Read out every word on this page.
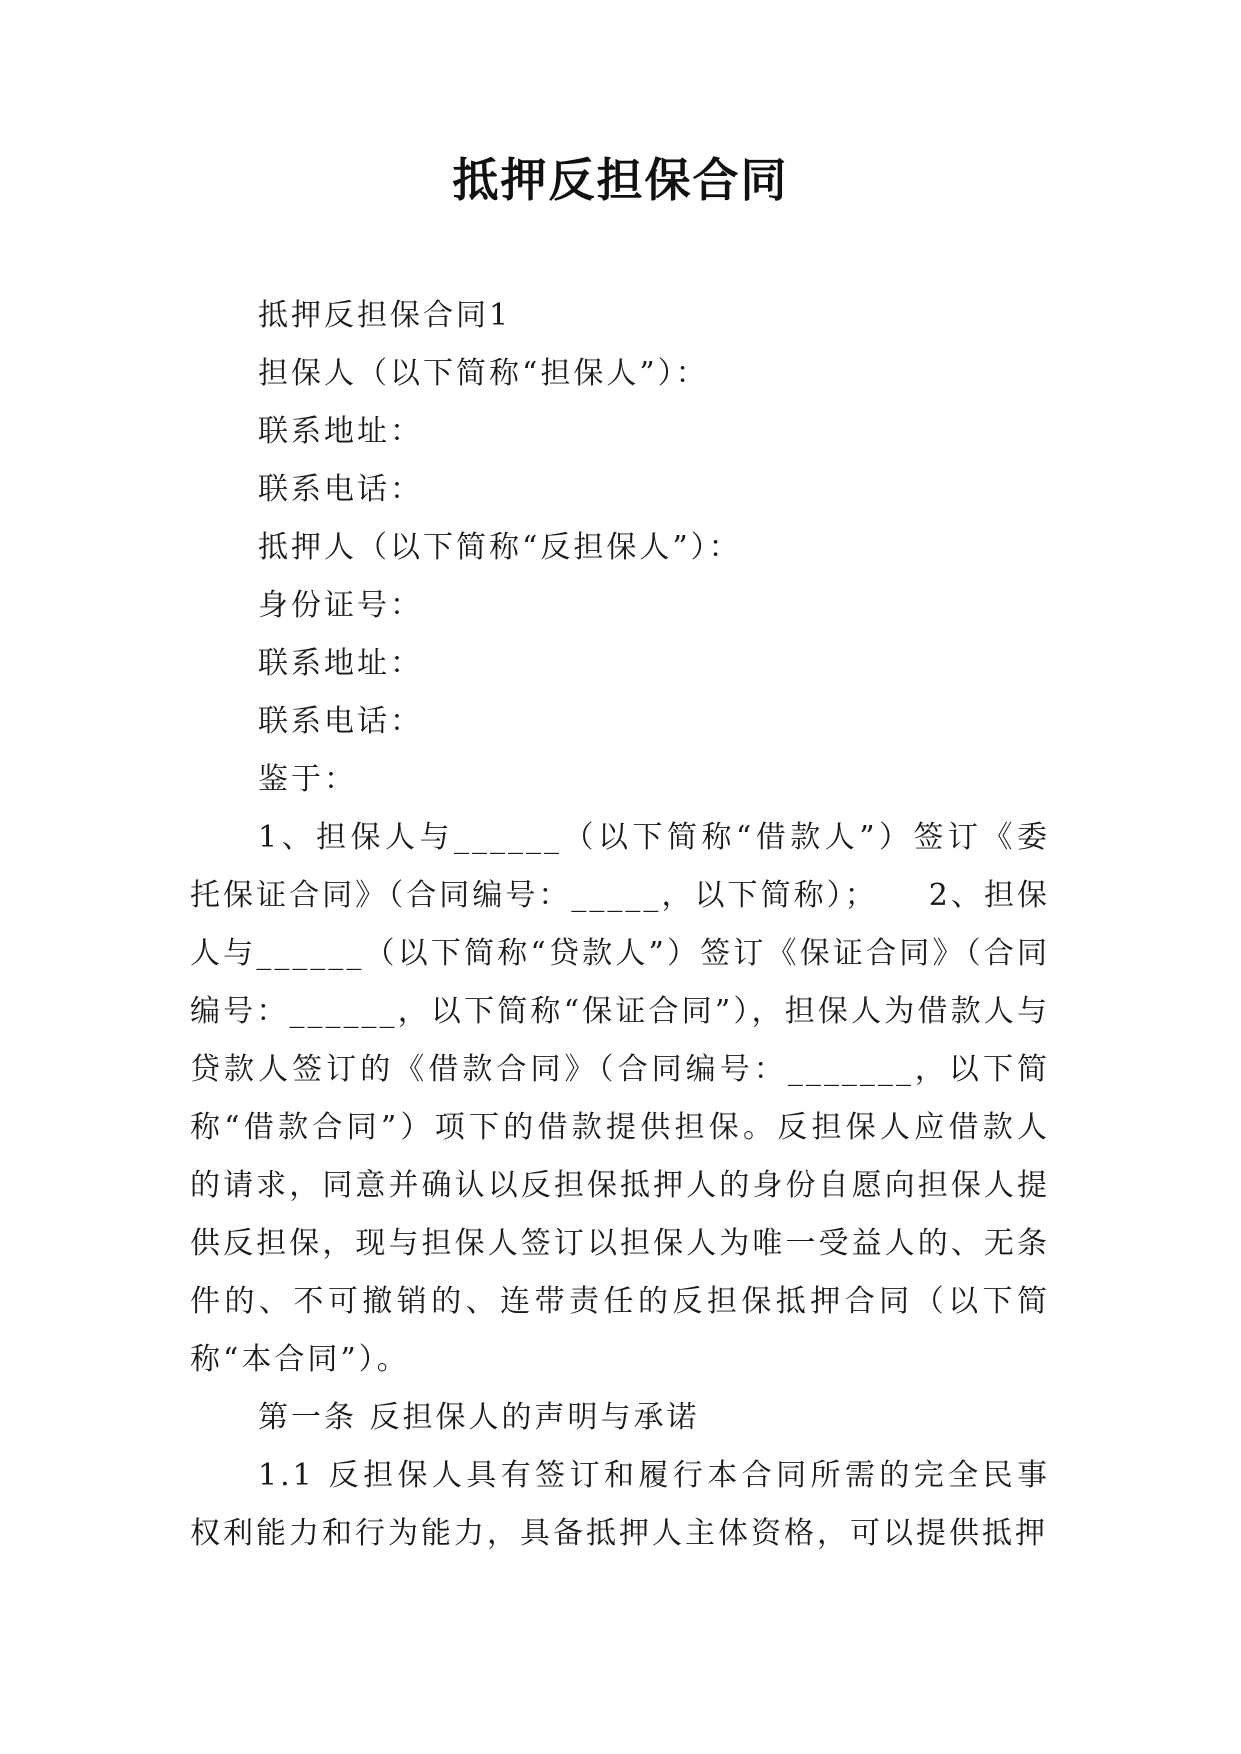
抵押反担保合同
抵押反担保合同1
担保人（以下简称“担保人”）：
联系地址：
联系电话：
抵押人（以下简称“反担保人”）：
身份证号：
联系地址：
联系电话：
鉴于：
1、担保人与______（以下简称“借款人”）签订《委托保证合同》（合同编号：_____，以下简称）；　　2、担保人与______（以下简称“贷款人”）签订《保证合同》（合同编号：______，以下简称“保证合同”），担保人为借款人与贷款人签订的《借款合同》（合同编号：_______，以下简称“借款合同”）项下的借款提供担保。反担保人应借款人的请求，同意并确认以反担保抵押人的身份自愿向担保人提供反担保，现与担保人签订以担保人为唯一受益人的、无条件的、不可撤销的、连带责任的反担保抵押合同（以下简称“本合同”）。
第一条 反担保人的声明与承诺
1.1 反担保人具有签订和履行本合同所需的完全民事权利能力和行为能力，具备抵押人主体资格，可以提供抵押
